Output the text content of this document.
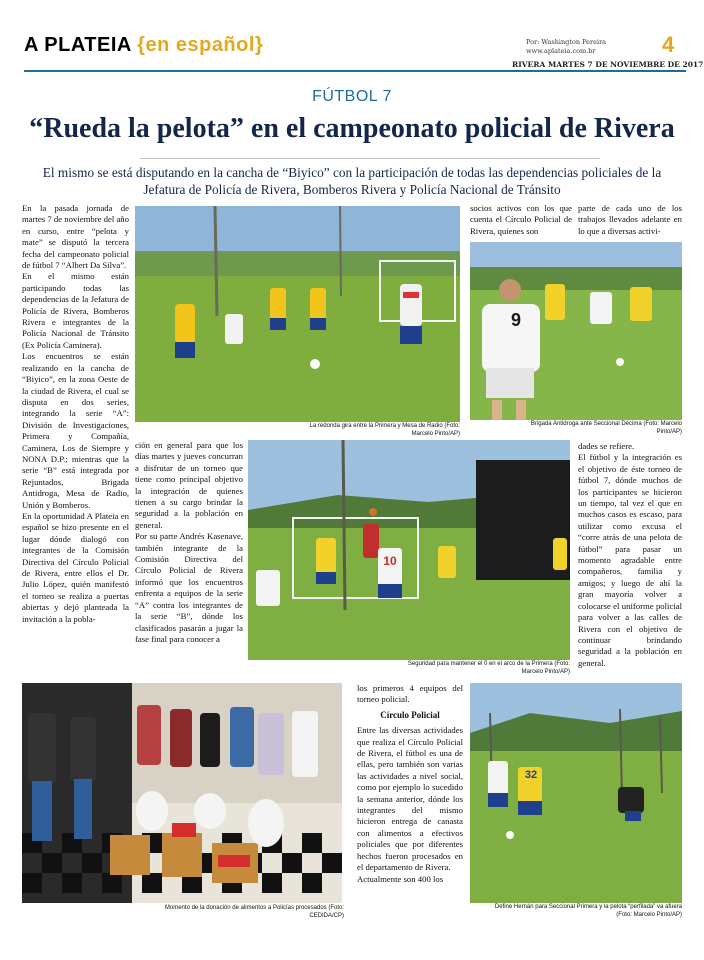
A PLATEIA {en español}	Por: Washington Pereira
www.aplateia.com.br	4
RIVERA MARTES 7 DE NOVIEMBRE DE 2017
FÚTBOL 7
“Rueda la pelota” en el campeonato policial de Rivera
El mismo se está disputando en la cancha de “Biyico” con la participación de todas las dependencias policiales de la Jefatura de Policía de Rivera, Bomberos Rivera y Policía Nacional de Tránsito

En la pasada jornada de martes 7 de noviembre del año en curso, entre “pelota y mate” se disputó la tercera fecha del campeonato policial de fútbol 7 “Albert Da Silva”.

En el mismo están participando todas las dependencias de la Jefatura de Policía de Rivera, Bomberos Rivera e integrantes de la Policía Nacional de Tránsito (Ex Policía Caminera).

Los encuentros se están realizando en la cancha de “Biyico”, en la zona Oeste de la ciudad de Rivera, el cual se disputa en dos series, integrando la serie “A”: División de Investigaciones, Primera y Compañía, Caminera, Los de Siempre y NONA D.P.; mientras que la serie “B” está integrada por Rejuntados, Brigada Antidroga, Mesa de Radio, Unión y Bomberos.

En la oportunidad A Plateia en español se hizo presente en el lugar dónde dialogó con integrantes de la Comisión Directiva del Círculo Policial de Rivera, entre ellos el Dr. Julio López, quién manifestó el torneo se realiza a puertas abiertas y dejó planteada la invitación a la pobla-

La redonda gira entre la Primera y Mesa de Radio (Foto: Marcelo Pinto/AP)

socios activos con los que cuenta el Círculo Policial de Rivera, quienes son

parte de cada uno de los trabajos llevados adelante en lo que a diversas activi-

9
Brigada Antidroga ante Seccional Décima (Foto: Marcelo Pinto/AP)

ción en general para que los días martes y jueves concurran a disfrutar de un torneo que tiene como principal objetivo la integración de quienes tienen a su cargo brindar la seguridad a la población en general.

Por su parte Andrés Kasenave, también integrante de la Comisión Directiva del Círculo Policial de Rivera informó que los encuentros enfrenta a equipos de la serie “A” contra los integrantes de la serie “B”, dónde los clasificados pasarán a jugar la fase final para conocer a

10
Seguridad para mantener el 0 en el arco de la Primera (Foto: Marcelo Pinto/AP)

dades se refiere.

El fútbol y la integración es el objetivo de éste torneo de fútbol 7, dónde muchos de los participantes se hicieron un tiempo, tal vez el que en muchos casos es escaso, para utilizar como excusa el “corre atrás de una pelota de fútbol” para pasar un momento agradable entre compañeros, familia y amigos; y luego de ahí la gran mayoría volver a colocarse el uniforme policial para volver a las calles de Rivera con el objetivo de continuar brindando seguridad a la población en general.

Momento de la donación de alimentos a Policías procesados (Foto: CEDIDA/CP)

los primeros 4 equipos del torneo policial.

Círculo Policial

Entre las diversas actividades que realiza el Círculo Policial de Rivera, el fútbol es una de ellas, pero también son varias las actividades a nivel social, como por ejemplo lo sucedido la semana anterior, dónde los integrantes del mismo hicieron entrega de canasta con alimentos a efectivos policiales que por diferentes hechos fueron procesados en el departamento de Rivera.

Actualmente son 400 los

32
Define Hernán para Seccional Primera y la pelota “perfilada” va afuera (Foto: Marcelo Pinto/AP)
